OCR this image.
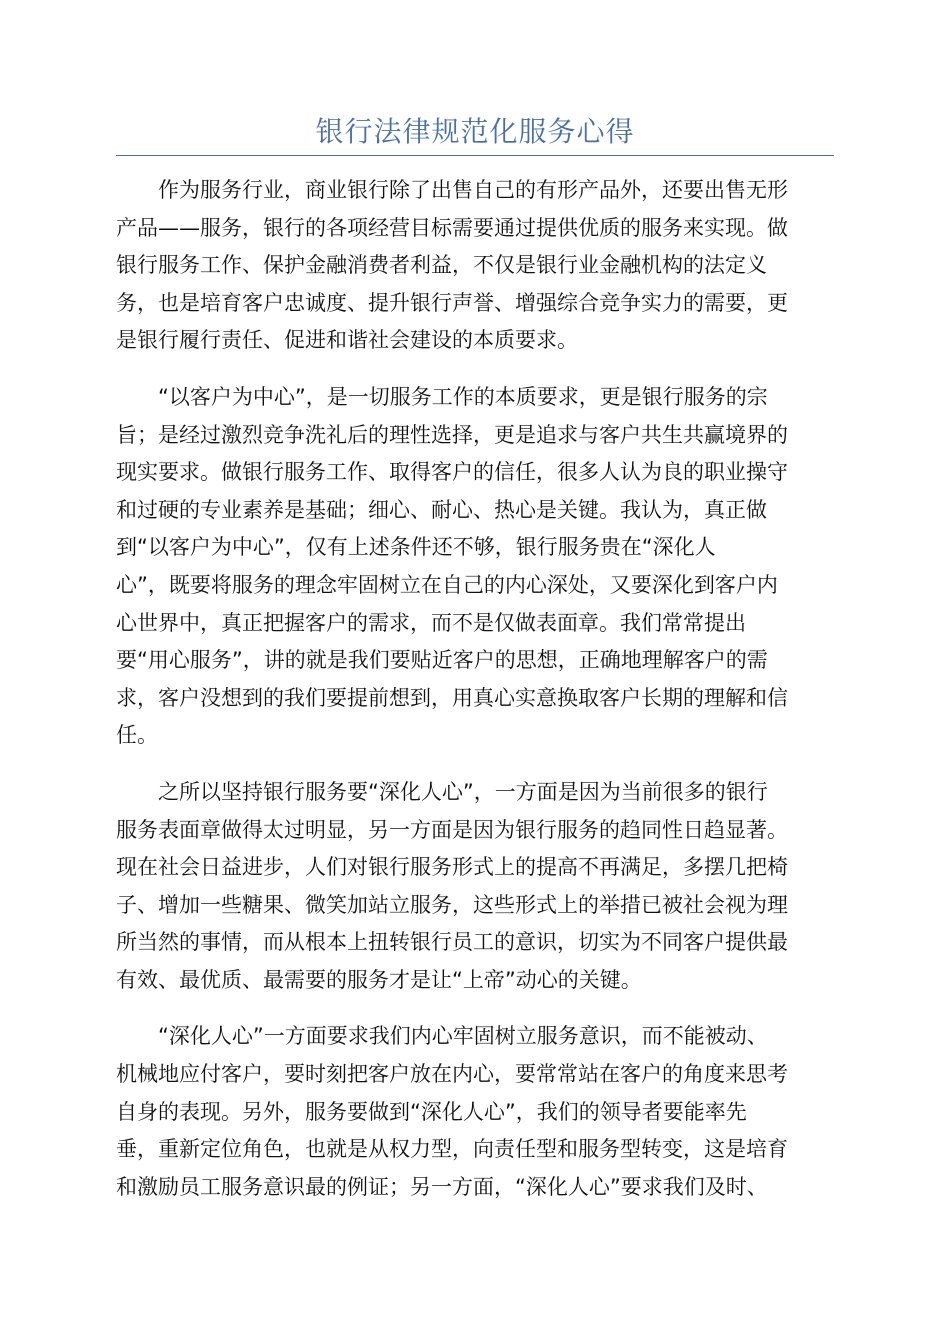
银行法律规范化服务心得
作为服务行业，商业银行除了出售自己的有形产品外，还要出售无形
产品——服务，银行的各项经营目标需要通过提供优质的服务来实现。做
银行服务工作、保护金融消费者利益，不仅是银行业金融机构的法定义
务，也是培育客户忠诚度、提升银行声誉、增强综合竞争实力的需要，更
是银行履行责任、促进和谐社会建设的本质要求。
“以客户为中心”，是一切服务工作的本质要求，更是银行服务的宗
旨；是经过激烈竞争洗礼后的理性选择，更是追求与客户共生共赢境界的
现实要求。做银行服务工作、取得客户的信任，很多人认为良的职业操守
和过硬的专业素养是基础；细心、耐心、热心是关键。我认为，真正做
到“以客户为中心”，仅有上述条件还不够，银行服务贵在“深化人
心”，既要将服务的理念牢固树立在自己的内心深处，又要深化到客户内
心世界中，真正把握客户的需求，而不是仅做表面章。我们常常提出
要“用心服务”，讲的就是我们要贴近客户的思想，正确地理解客户的需
求，客户没想到的我们要提前想到，用真心实意换取客户长期的理解和信
任。
之所以坚持银行服务要“深化人心”，一方面是因为当前很多的银行
服务表面章做得太过明显，另一方面是因为银行服务的趋同性日趋显著。
现在社会日益进步，人们对银行服务形式上的提高不再满足，多摆几把椅
子、增加一些糖果、微笑加站立服务，这些形式上的举措已被社会视为理
所当然的事情，而从根本上扭转银行员工的意识，切实为不同客户提供最
有效、最优质、最需要的服务才是让“上帝”动心的关键。
“深化人心”一方面要求我们内心牢固树立服务意识，而不能被动、
机械地应付客户，要时刻把客户放在内心，要常常站在客户的角度来思考
自身的表现。另外，服务要做到“深化人心”，我们的领导者要能率先
垂，重新定位角色，也就是从权力型，向责任型和服务型转变，这是培育
和激励员工服务意识最的例证；另一方面，“深化人心”要求我们及时、
